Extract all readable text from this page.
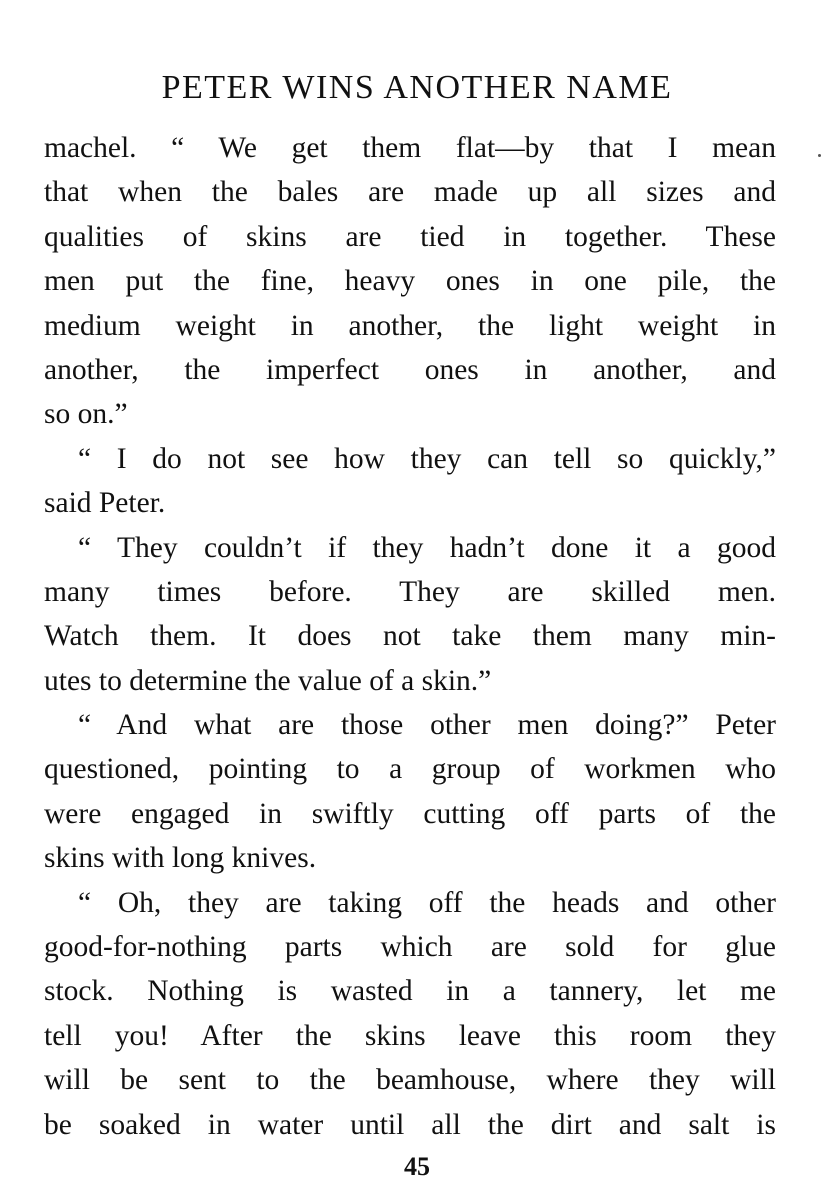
PETER WINS ANOTHER NAME
machel. “ We get them flat—by that I mean
that when the bales are made up all sizes and
qualities of skins are tied in together. These
men put the fine, heavy ones in one pile, the
medium weight in another, the light weight in
another, the imperfect ones in another, and
so on.”
“ I do not see how they can tell so quickly,”
said Peter.
“ They couldn’t if they hadn’t done it a good
many times before. They are skilled men.
Watch them. It does not take them many min-
utes to determine the value of a skin.”
“ And what are those other men doing?” Peter
questioned, pointing to a group of workmen who
were engaged in swiftly cutting off parts of the
skins with long knives.
“ Oh, they are taking off the heads and other
good-for-nothing parts which are sold for glue
stock. Nothing is wasted in a tannery, let me
tell you! After the skins leave this room they
will be sent to the beamhouse, where they will
be soaked in water until all the dirt and salt is
45
